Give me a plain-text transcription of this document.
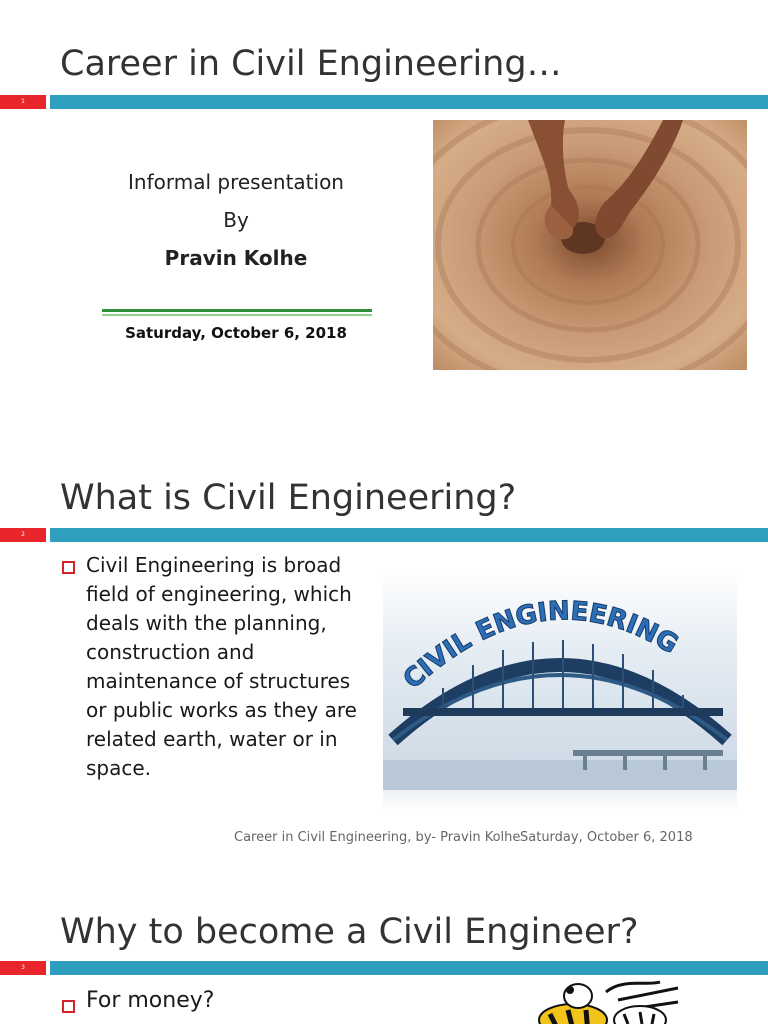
Career in Civil Engineering…
1
Informal presentation
By
Pravin Kolhe
Saturday, October 6, 2018
What is Civil Engineering?
2
Career in Civil Engineering, by- Pravin Kolhe Saturday, October 6, 2018

Civil Engineering is broad field of engineering, which deals with the planning, construction and maintenance of structures or public works as they are related earth, water or in space.

CIVIL ENGINEERING
Why to become a Civil Engineer?
3
For money?
